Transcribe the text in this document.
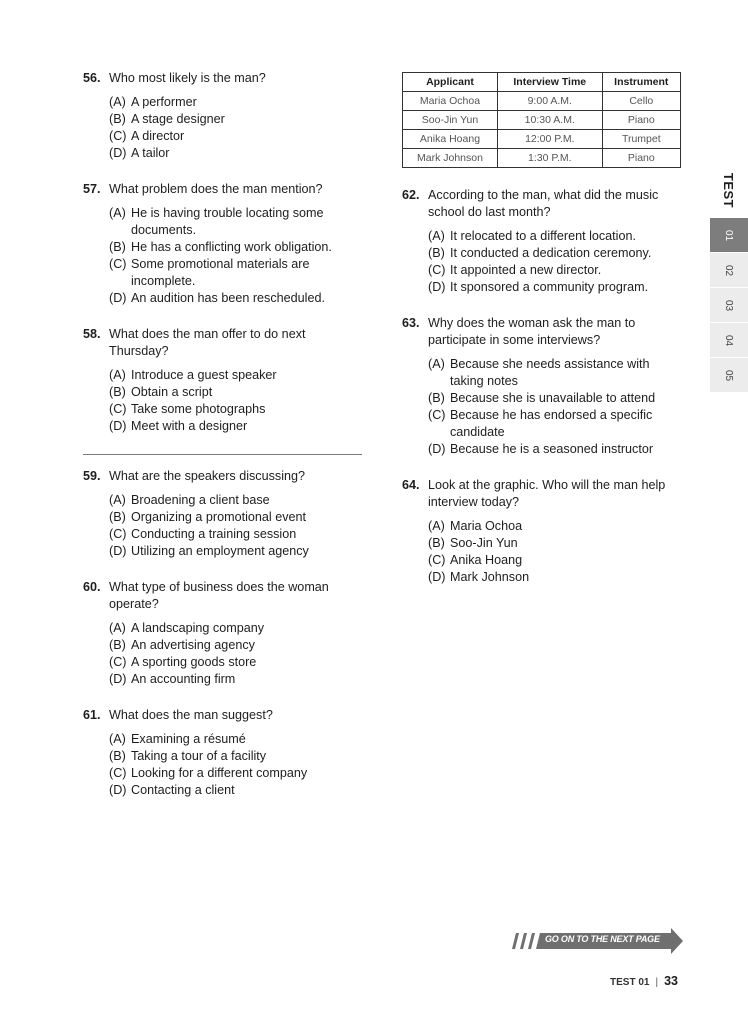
56. Who most likely is the man?
(A) A performer
(B) A stage designer
(C) A director
(D) A tailor
57. What problem does the man mention?
(A) He is having trouble locating some documents.
(B) He has a conflicting work obligation.
(C) Some promotional materials are incomplete.
(D) An audition has been rescheduled.
58. What does the man offer to do next Thursday?
(A) Introduce a guest speaker
(B) Obtain a script
(C) Take some photographs
(D) Meet with a designer
59. What are the speakers discussing?
(A) Broadening a client base
(B) Organizing a promotional event
(C) Conducting a training session
(D) Utilizing an employment agency
60. What type of business does the woman operate?
(A) A landscaping company
(B) An advertising agency
(C) A sporting goods store
(D) An accounting firm
61. What does the man suggest?
(A) Examining a résumé
(B) Taking a tour of a facility
(C) Looking for a different company
(D) Contacting a client
Applicant	Interview Time	Instrument
Maria Ochoa	9:00 A.M.	Cello
Soo-Jin Yun	10:30 A.M.	Piano
Anika Hoang	12:00 P.M.	Trumpet
Mark Johnson	1:30 P.M.	Piano
62. According to the man, what did the music school do last month?
(A) It relocated to a different location.
(B) It conducted a dedication ceremony.
(C) It appointed a new director.
(D) It sponsored a community program.
63. Why does the woman ask the man to participate in some interviews?
(A) Because she needs assistance with taking notes
(B) Because she is unavailable to attend
(C) Because he has endorsed a specific candidate
(D) Because he is a seasoned instructor
64. Look at the graphic. Who will the man help interview today?
(A) Maria Ochoa
(B) Soo-Jin Yun
(C) Anika Hoang
(D) Mark Johnson
TEST
01
02
03
04
05
GO ON TO THE NEXT PAGE
TEST 01 | 33
